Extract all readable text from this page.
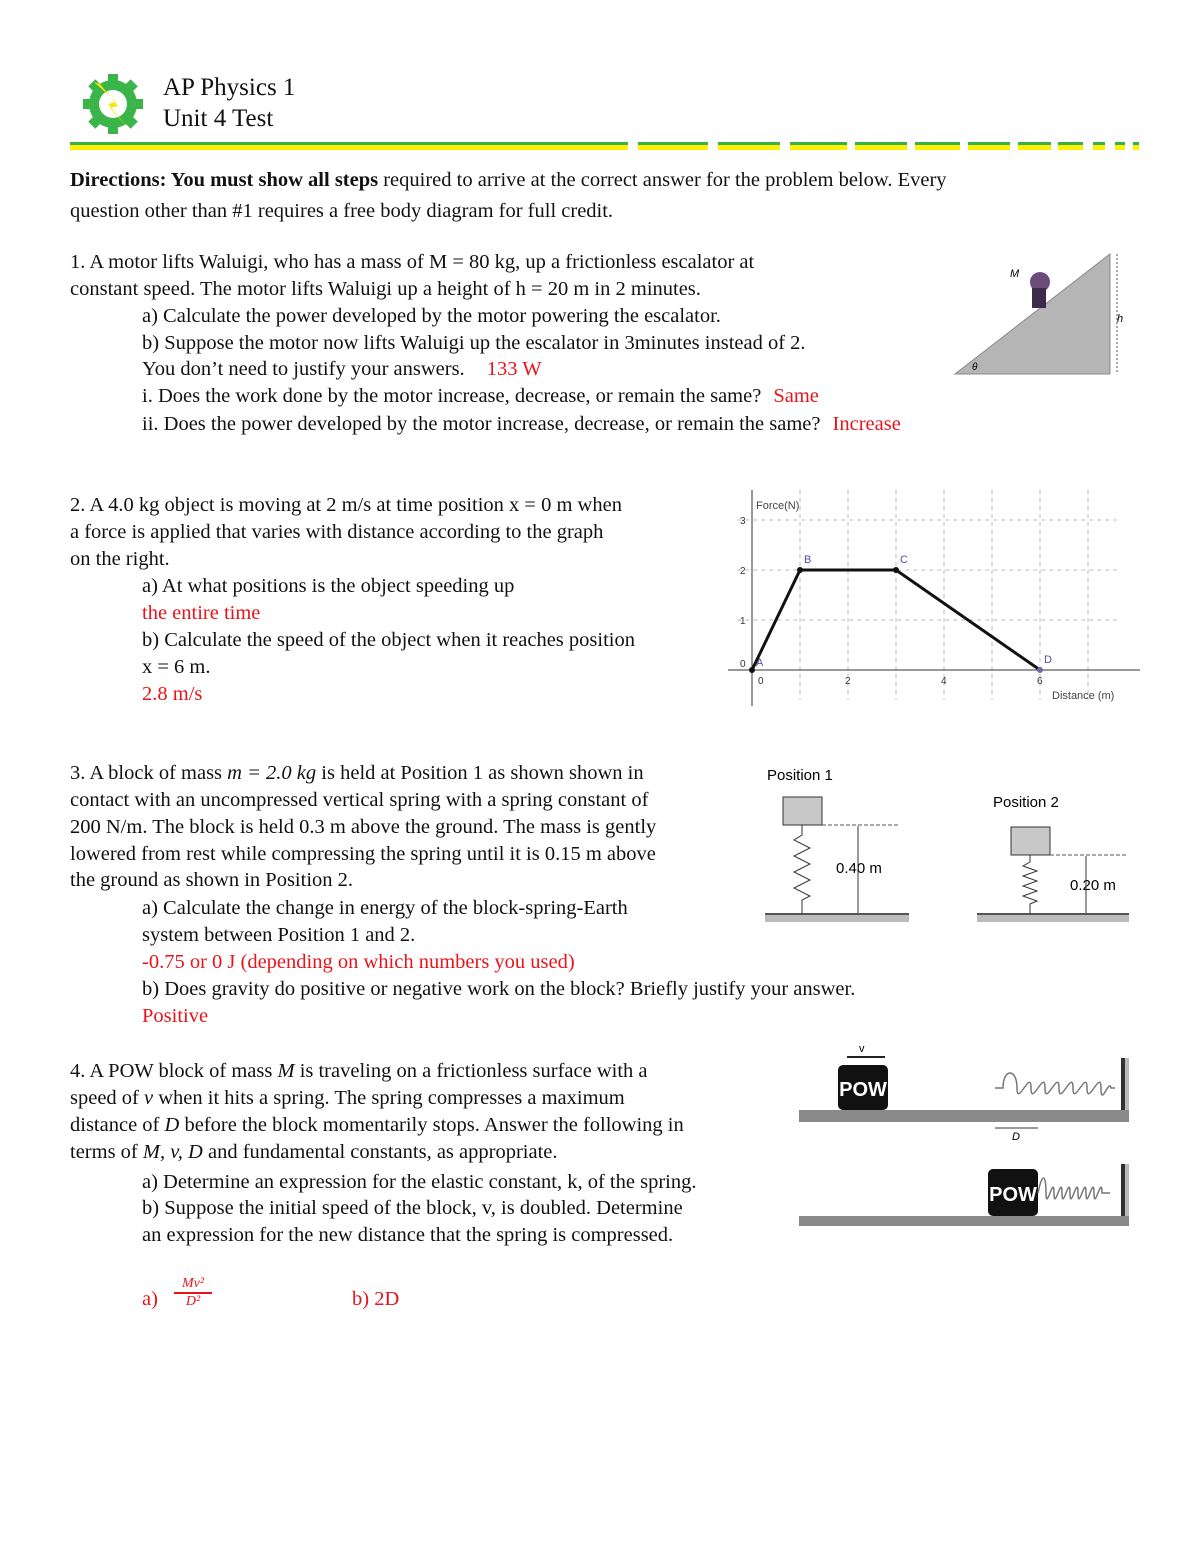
AP Physics 1
Unit 4 Test
Directions: You must show all steps required to arrive at the correct answer for the problem below. Every
question other than #1 requires a free body diagram for full credit.
1. A motor lifts Waluigi, who has a mass of M = 80 kg, up a frictionless escalator at
constant speed. The motor lifts Waluigi up a height of h = 20 m in 2 minutes.
a) Calculate the power developed by the motor powering the escalator.
b) Suppose the motor now lifts Waluigi up the escalator in 3minutes instead of 2.
You don’t need to justify your answers. 133 W
i. Does the work done by the motor increase, decrease, or remain the same? Same
ii. Does the power developed by the motor increase, decrease, or remain the same? Increase
M
h
θ
2. A 4.0 kg object is moving at 2 m/s at time position x = 0 m when
a force is applied that varies with distance according to the graph
on the right.
a) At what positions is the object speeding up
the entire time
b) Calculate the speed of the object when it reaches position
x = 6 m.
2.8 m/s
0	2	4	6
0
1
2
3
A
B	C
D
Force(N)
Distance (m)
3. A block of mass m = 2.0 kg is held at Position 1 as shown shown in
contact with an uncompressed vertical spring with a spring constant of
200 N/m. The block is held 0.3 m above the ground. The mass is gently
lowered from rest while compressing the spring until it is 0.15 m above
the ground as shown in Position 2.
a) Calculate the change in energy of the block-spring-Earth
system between Position 1 and 2.
-0.75 or 0 J (depending on which numbers you used)
b) Does gravity do positive or negative work on the block? Briefly justify your answer.
Positive
Position 1
Position 2
0.40 m
0.20 m
4. A POW block of mass M is traveling on a frictionless surface with a
speed of v when it hits a spring. The spring compresses a maximum
distance of D before the block momentarily stops. Answer the following in
terms of M, v, D and fundamental constants, as appropriate.
a) Determine an expression for the elastic constant, k, of the spring.
b) Suppose the initial speed of the block, v, is doubled. Determine
an expression for the new distance that the spring is compressed.
$a) \frac{\text{Mv²}}{\text{D²}}$	b) 2D
v
POW
D
POW
